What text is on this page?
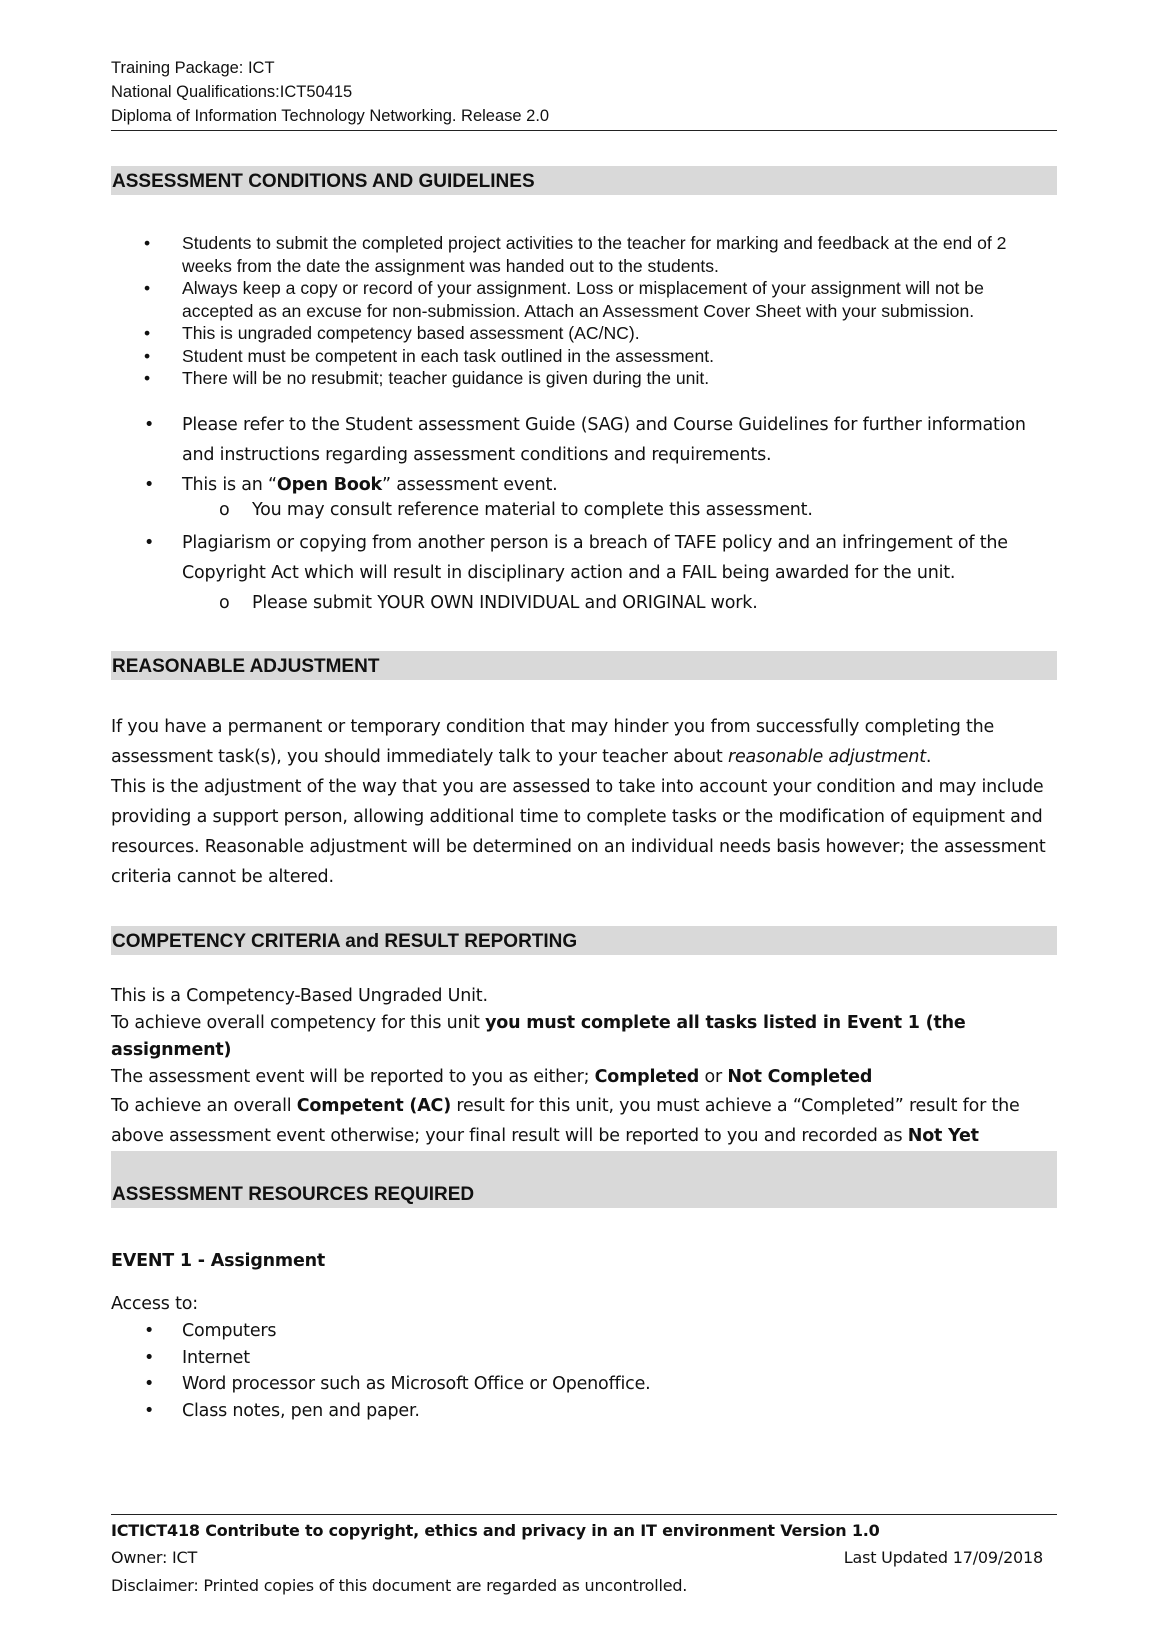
Training Package: ICT
National Qualifications:ICT50415
Diploma of Information Technology Networking. Release 2.0
ASSESSMENT CONDITIONS AND GUIDELINES
• Students to submit the completed project activities to the teacher for marking and feedback at the end of 2 weeks from the date the assignment was handed out to the students.
• Always keep a copy or record of your assignment. Loss or misplacement of your assignment will not be accepted as an excuse for non-submission. Attach an Assessment Cover Sheet with your submission.
• This is ungraded competency based assessment (AC/NC).
• Student must be competent in each task outlined in the assessment.
• There will be no resubmit; teacher guidance is given during the unit.
• Please refer to the Student assessment Guide (SAG) and Course Guidelines for further information and instructions regarding assessment conditions and requirements.
• This is an “Open Book” assessment event.
o You may consult reference material to complete this assessment.
• Plagiarism or copying from another person is a breach of TAFE policy and an infringement of the Copyright Act which will result in disciplinary action and a FAIL being awarded for the unit.
o Please submit YOUR OWN INDIVIDUAL and ORIGINAL work.
REASONABLE ADJUSTMENT
If you have a permanent or temporary condition that may hinder you from successfully completing the assessment task(s), you should immediately talk to your teacher about reasonable adjustment.
This is the adjustment of the way that you are assessed to take into account your condition and may include providing a support person, allowing additional time to complete tasks or the modification of equipment and resources. Reasonable adjustment will be determined on an individual needs basis however; the assessment criteria cannot be altered.
COMPETENCY CRITERIA and RESULT REPORTING
This is a Competency-Based Ungraded Unit.
To achieve overall competency for this unit you must complete all tasks listed in Event 1 (the assignment)
The assessment event will be reported to you as either; Completed or Not Completed
To achieve an overall Competent (AC) result for this unit, you must achieve a “Completed” result for the above assessment event otherwise; your final result will be reported to you and recorded as Not Yet
ASSESSMENT RESOURCES REQUIRED
EVENT 1 - Assignment
Access to:
• Computers
• Internet
• Word processor such as Microsoft Office or Openoffice.
• Class notes, pen and paper.
ICTICT418 Contribute to copyright, ethics and privacy in an IT environment Version 1.0
Owner: ICT	Last Updated 17/09/2018
Disclaimer: Printed copies of this document are regarded as uncontrolled.
